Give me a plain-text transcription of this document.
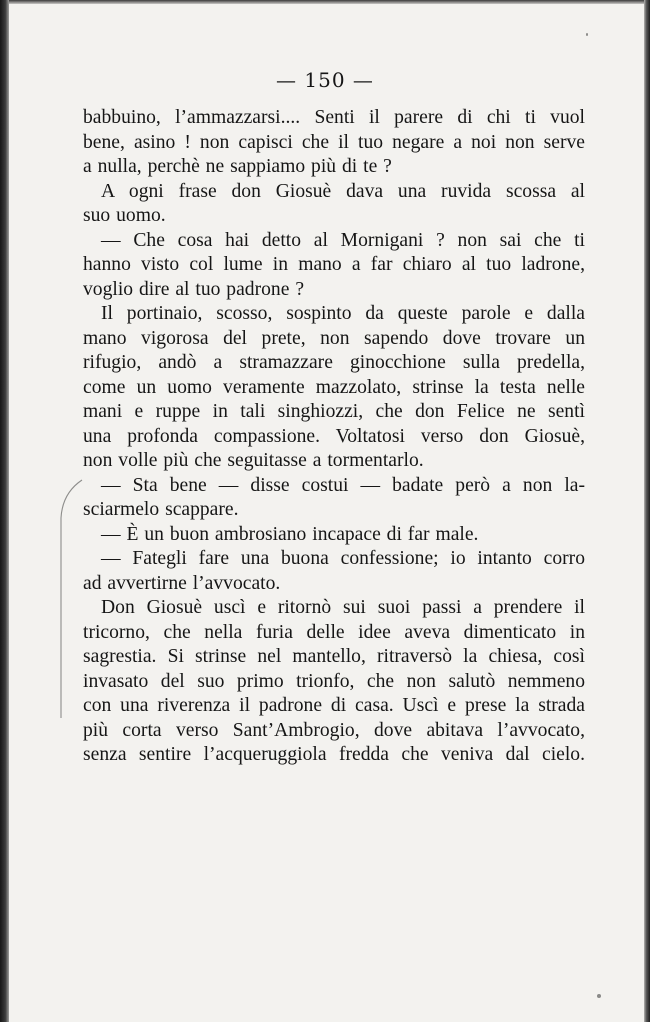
— 150 —
babbuino, l’ammazzarsi.... Senti il parere di chi ti vuol
bene, asino ! non capisci che il tuo negare a noi non serve
a nulla, perchè ne sappiamo più di te ?
A ogni frase don Giosuè dava una ruvida scossa al
suo uomo.
— Che cosa hai detto al Mornigani ? non sai che ti
hanno visto col lume in mano a far chiaro al tuo ladrone,
voglio dire al tuo padrone ?
Il portinaio, scosso, sospinto da queste parole e dalla
mano vigorosa del prete, non sapendo dove trovare un
rifugio, andò a stramazzare ginocchione sulla predella,
come un uomo veramente mazzolato, strinse la testa nelle
mani e ruppe in tali singhiozzi, che don Felice ne sentì
una profonda compassione. Voltatosi verso don Giosuè,
non volle più che seguitasse a tormentarlo.
— Sta bene — disse costui — badate però a non la-
sciarmelo scappare.
— È un buon ambrosiano incapace di far male.
— Fategli fare una buona confessione; io intanto corro
ad avvertirne l’avvocato.
Don Giosuè uscì e ritornò sui suoi passi a prendere il
tricorno, che nella furia delle idee aveva dimenticato in
sagrestia. Si strinse nel mantello, ritraversò la chiesa, così
invasato del suo primo trionfo, che non salutò nemmeno
con una riverenza il padrone di casa. Uscì e prese la strada
più corta verso Sant’Ambrogio, dove abitava l’avvocato,
senza sentire l’acqueruggiola fredda che veniva dal cielo.
